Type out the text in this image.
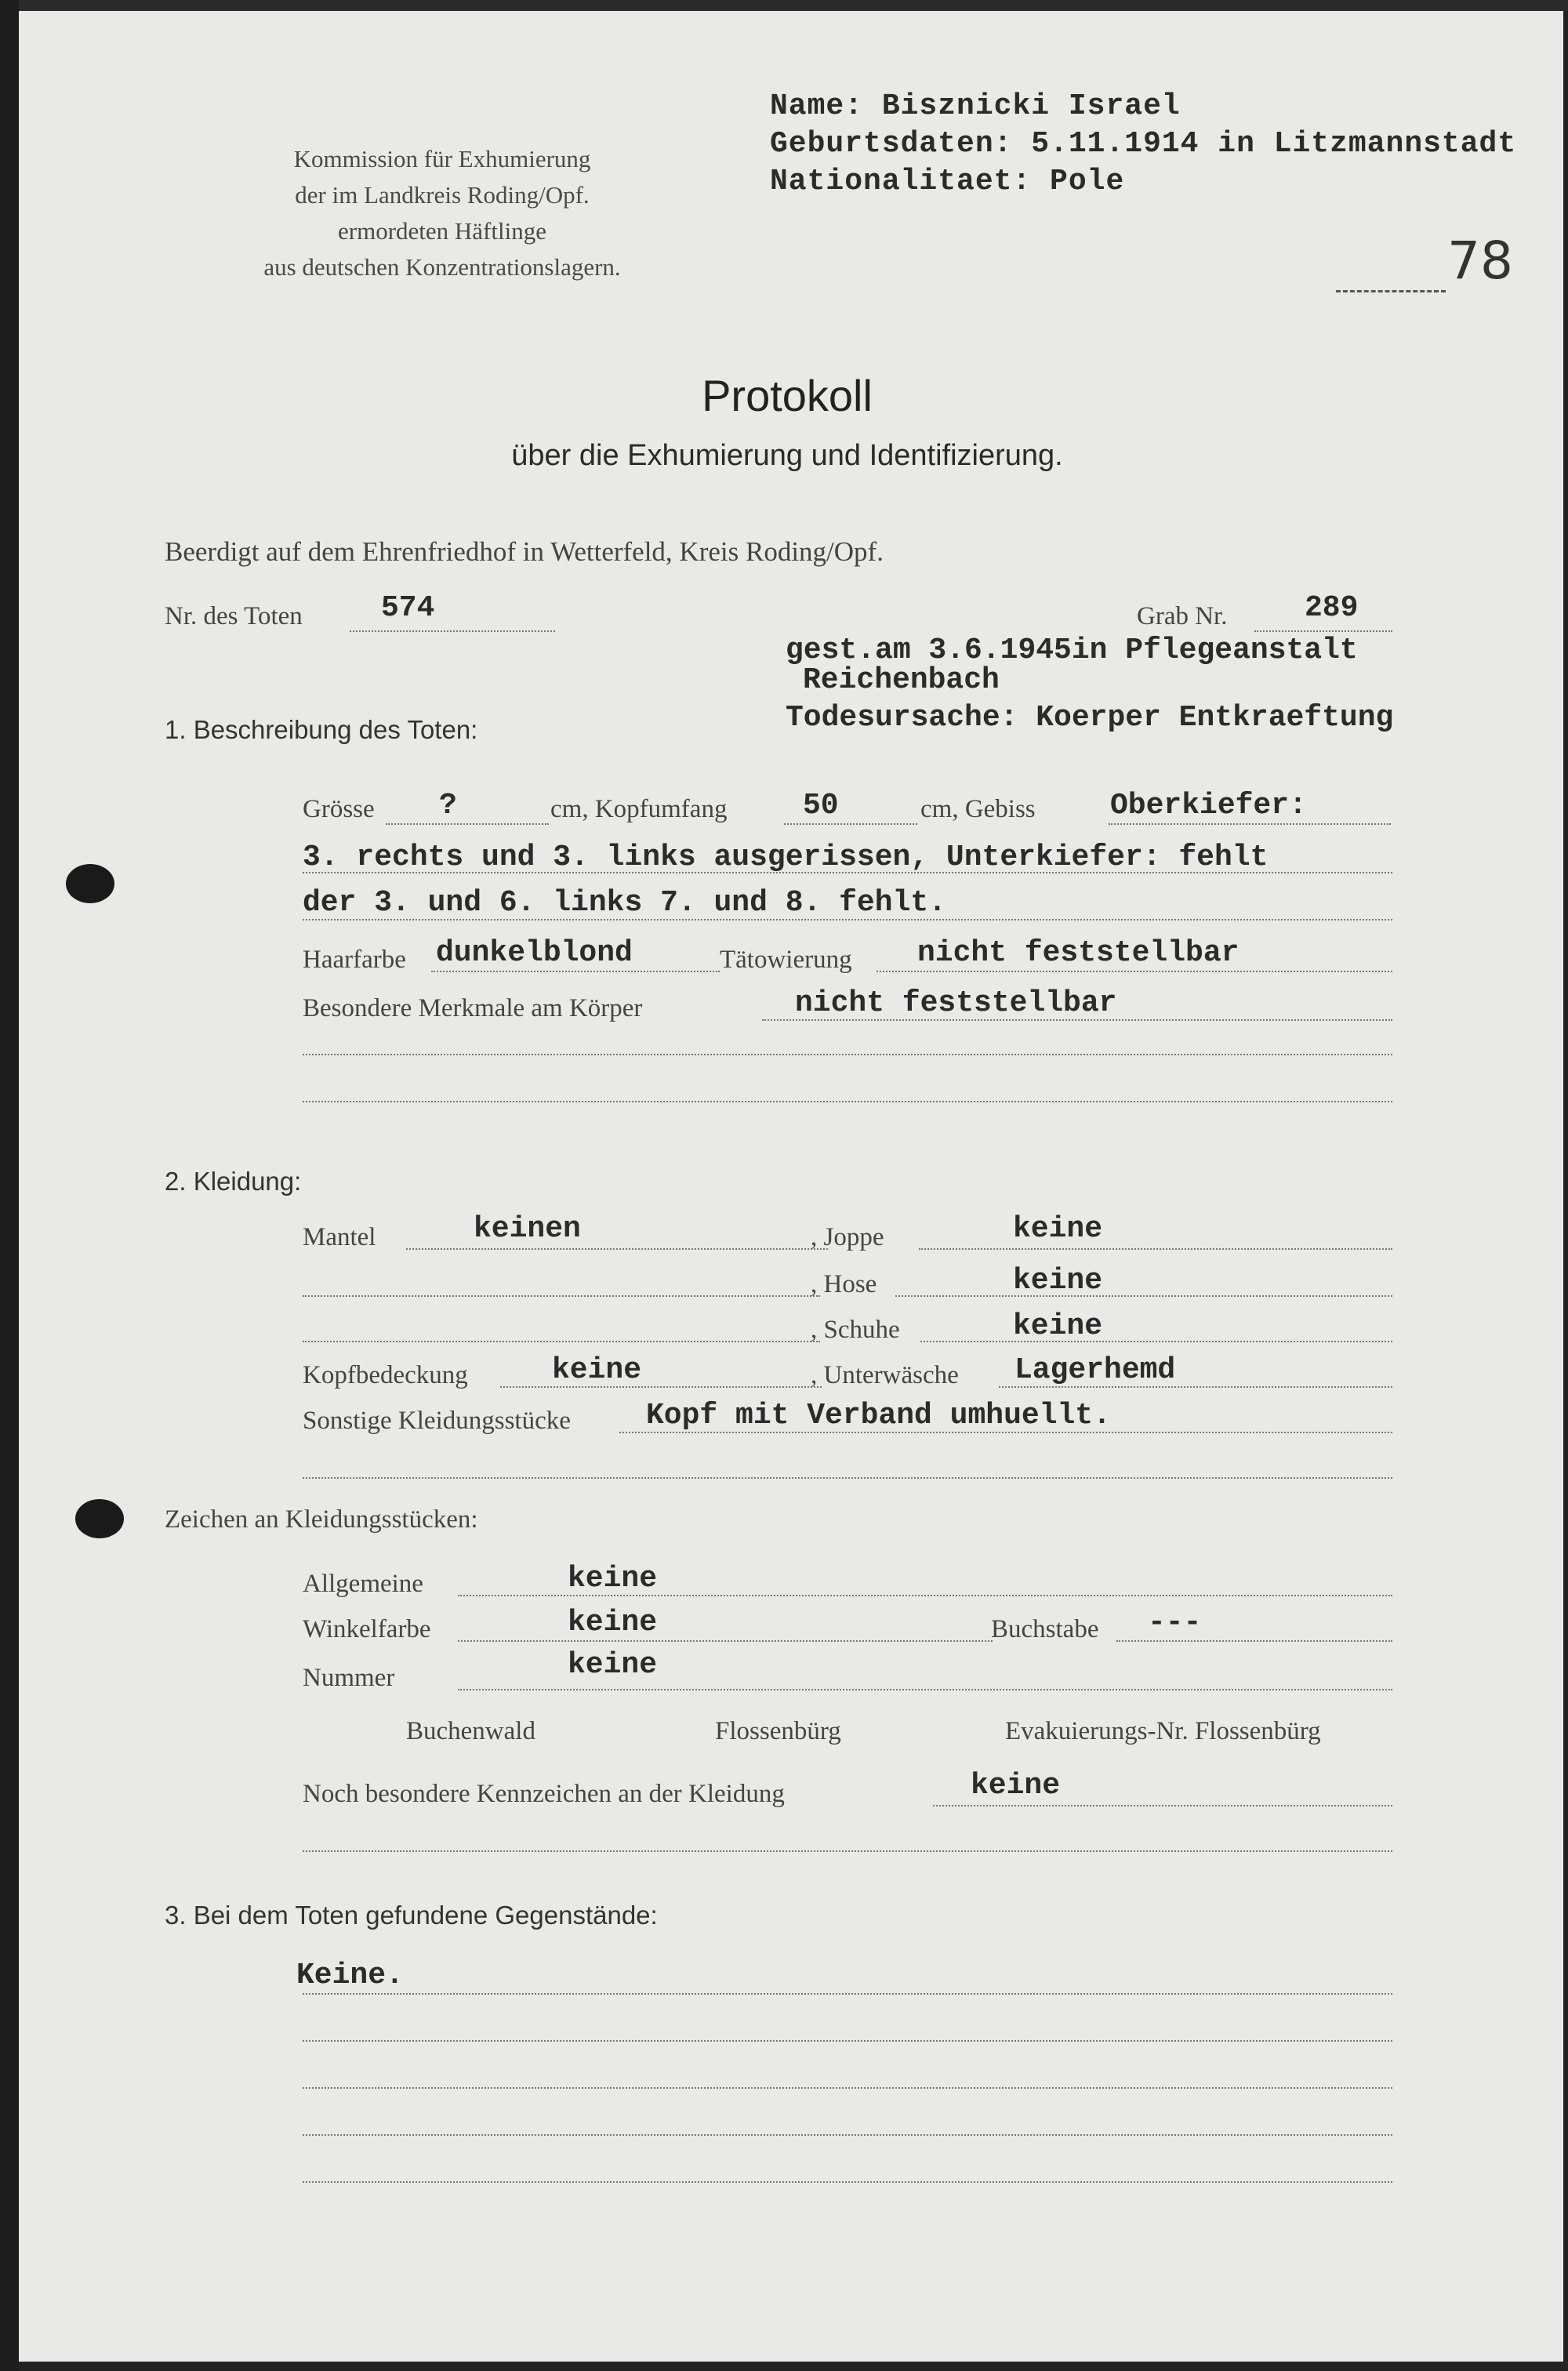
Kommission für Exhumierung
der im Landkreis Roding/Opf.
ermordeten Häftlinge
aus deutschen Konzentrationslagern.
Name: Bisznicki Israel
Geburtsdaten: 5.11.1914 in Litzmannstadt
Nationalitaet: Pole
78
Protokoll
über die Exhumierung und Identifizierung.
Beerdigt auf dem Ehrenfriedhof in Wetterfeld, Kreis Roding/Opf.
Nr. des Toten	574	Grab Nr.	289
gest.am 3.6.1945in Pflegeanstalt
Reichenbach
Todesursache: Koerper Entkraeftung
1. Beschreibung des Toten:
Grösse ?	cm, Kopfumfang	50	cm, Gebiss	Oberkiefer:
3. rechts und 3. links ausgerissen, Unterkiefer: fehlt
der 3. und 6. links 7. und 8. fehlt.
Haarfarbe dunkelblond	Tätowierung nicht feststellbar
Besondere Merkmale am Körper	nicht feststellbar
2. Kleidung:
Mantel	keinen	, Joppe	keine
, Hose	keine
, Schuhe	keine
Kopfbedeckung	keine	, Unterwäsche Lagerhemd
Sonstige Kleidungsstücke	Kopf mit Verband umhuellt.
Zeichen an Kleidungsstücken:
Allgemeine	keine
Winkelfarbe	keine	Buchstabe ---
Nummer	keine
Buchenwald	Flossenbürg	Evakuierungs-Nr. Flossenbürg
Noch besondere Kennzeichen an der Kleidung	keine
3. Bei dem Toten gefundene Gegenstände:
Keine.
